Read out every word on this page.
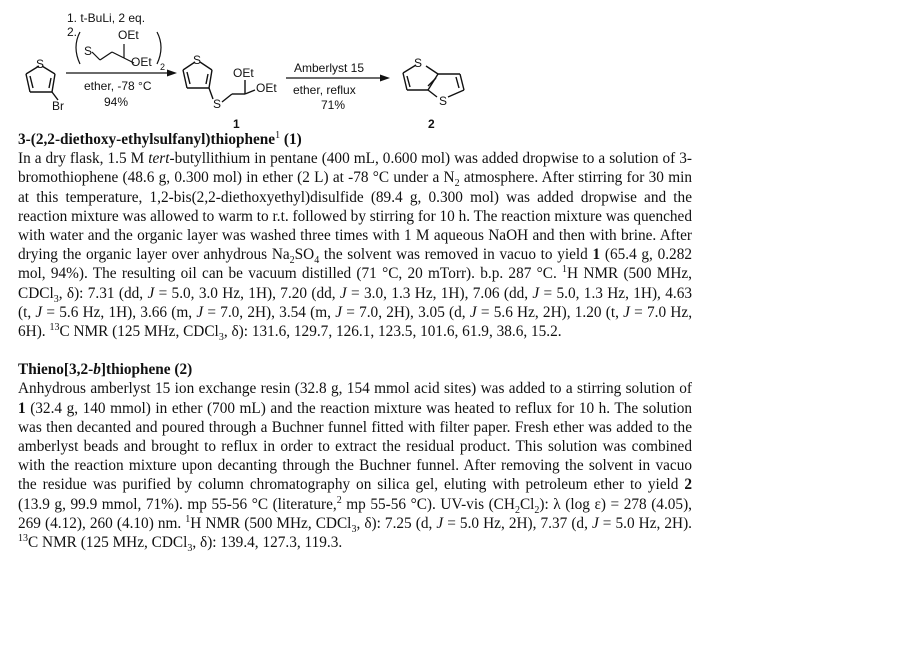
S
Br
1. t-BuLi, 2 eq.
2.
S
OEt
OEt 2
ether, -78 °C
94%
S
S
OEt
OEt
1
Amberlyst 15
ether, reflux
71%
S
S
2
3-(2,2-diethoxy-ethylsulfanyl)thiophene$^1$ (1)

In a dry flask, 1.5 M tert-butyllithium in pentane (400 mL, 0.600 mol) was added dropwise to a solution of 3-bromothiophene (48.6 g, 0.300 mol) in ether (2 L) at -78 °C under a $N_2$ atmosphere. After stirring for 30 min at this temperature, 1,2-bis(2,2-diethoxyethyl)disulfide (89.4 g, 0.300 mol) was added dropwise and the reaction mixture was allowed to warm to r.t. followed by stirring for 10 h. The reaction mixture was quenched with water and the organic layer was washed three times with 1 M aqueous NaOH and then with brine. After drying the organic layer over anhydrous $Na_2SO_4$ the solvent was removed in vacuo to yield 1 (65.4 g, 0.282 mol, 94%). The resulting oil can be vacuum distilled (71 °C, 20 mTorr). b.p. 287 °C. $^1$H NMR (500 MHz, CDCl$_3$, δ): 7.31 (dd, J = 5.0, 3.0 Hz, 1H), 7.20 (dd, J = 3.0, 1.3 Hz, 1H), 7.06 (dd, J = 5.0, 1.3 Hz, 1H), 4.63 (t, J = 5.6 Hz, 1H), 3.66 (m, J = 7.0, 2H), 3.54 (m, J = 7.0, 2H), 3.05 (d, J = 5.6 Hz, 2H), 1.20 (t, J = 7.0 Hz, 6H). $^{13}$C NMR (125 MHz, CDCl$_3$, δ): 131.6, 129.7, 126.1, 123.5, 101.6, 61.9, 38.6, 15.2.

Thieno[3,2-b]thiophene (2)

Anhydrous amberlyst 15 ion exchange resin (32.8 g, 154 mmol acid sites) was added to a stirring solution of 1 (32.4 g, 140 mmol) in ether (700 mL) and the reaction mixture was heated to reflux for 10 h. The solution was then decanted and poured through a Buchner funnel fitted with filter paper. Fresh ether was added to the amberlyst beads and brought to reflux in order to extract the residual product. This solution was combined with the reaction mixture upon decanting through the Buchner funnel. After removing the solvent in vacuo the residue was purified by column chromatography on silica gel, eluting with petroleum ether to yield 2 (13.9 g, 99.9 mmol, 71%). mp 55-56 °C (literature,$^2$ mp 55-56 °C). UV-vis $(CH_2Cl_2)$: λ (log ε) = 278 (4.05), 269 (4.12), 260 (4.10) nm. $^1$H NMR (500 MHz, CDCl$_3$, δ): 7.25 (d, J = 5.0 Hz, 2H), 7.37 (d, J = 5.0 Hz, 2H). $^{13}$C NMR (125 MHz, CDCl$_3$, δ): 139.4, 127.3, 119.3.
